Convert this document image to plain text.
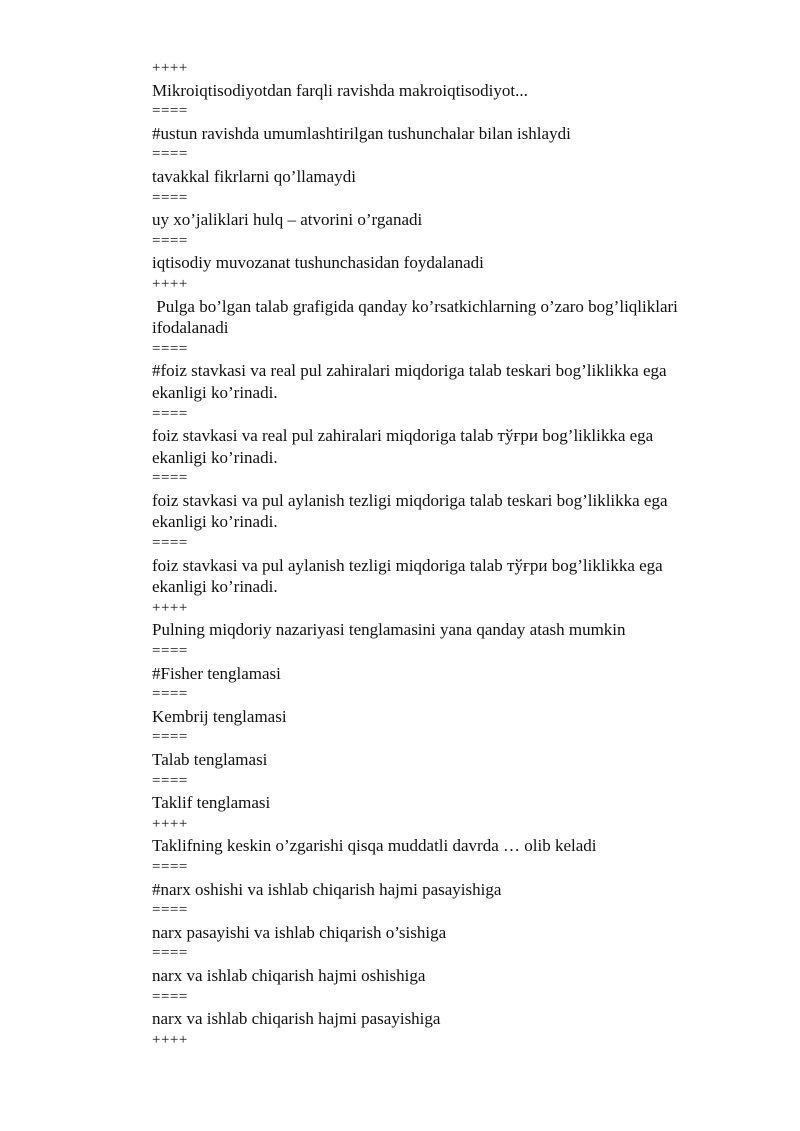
++++
Mikroiqtisodiyotdan farqli ravishda makroiqtisodiyot...
====
#ustun ravishda umumlashtirilgan tushunchalar bilan ishlaydi
====
tavakkal fikrlarni qo’llamaydi
====
uy xo’jaliklari hulq – atvorini o’rganadi
====
iqtisodiy muvozanat tushunchasidan foydalanadi
++++
Pulga bo’lgan talab grafigida qanday ko’rsatkichlarning o’zaro bog’liqliklari
ifodalanadi
====
#foiz stavkasi va real pul zahiralari miqdoriga talab teskari bog’liklikka ega
ekanligi ko’rinadi.
====
foiz stavkasi va real pul zahiralari miqdoriga talab тўғри bog’liklikka ega
ekanligi ko’rinadi.
====
foiz stavkasi va pul aylanish tezligi miqdoriga talab teskari bog’liklikka ega
ekanligi ko’rinadi.
====
foiz stavkasi va pul aylanish tezligi miqdoriga talab тўғри bog’liklikka ega
ekanligi ko’rinadi.
++++
Pulning miqdoriy nazariyasi tenglamasini yana qanday atash mumkin
====
#Fisher tenglamasi
====
Kembrij tenglamasi
====
Talab tenglamasi
====
Taklif tenglamasi
++++
Taklifning keskin o’zgarishi qisqa muddatli davrda … olib keladi
====
#narx oshishi va ishlab chiqarish hajmi pasayishiga
====
narx pasayishi va ishlab chiqarish o’sishiga
====
narx va ishlab chiqarish hajmi oshishiga
====
narx va ishlab chiqarish hajmi pasayishiga
++++
